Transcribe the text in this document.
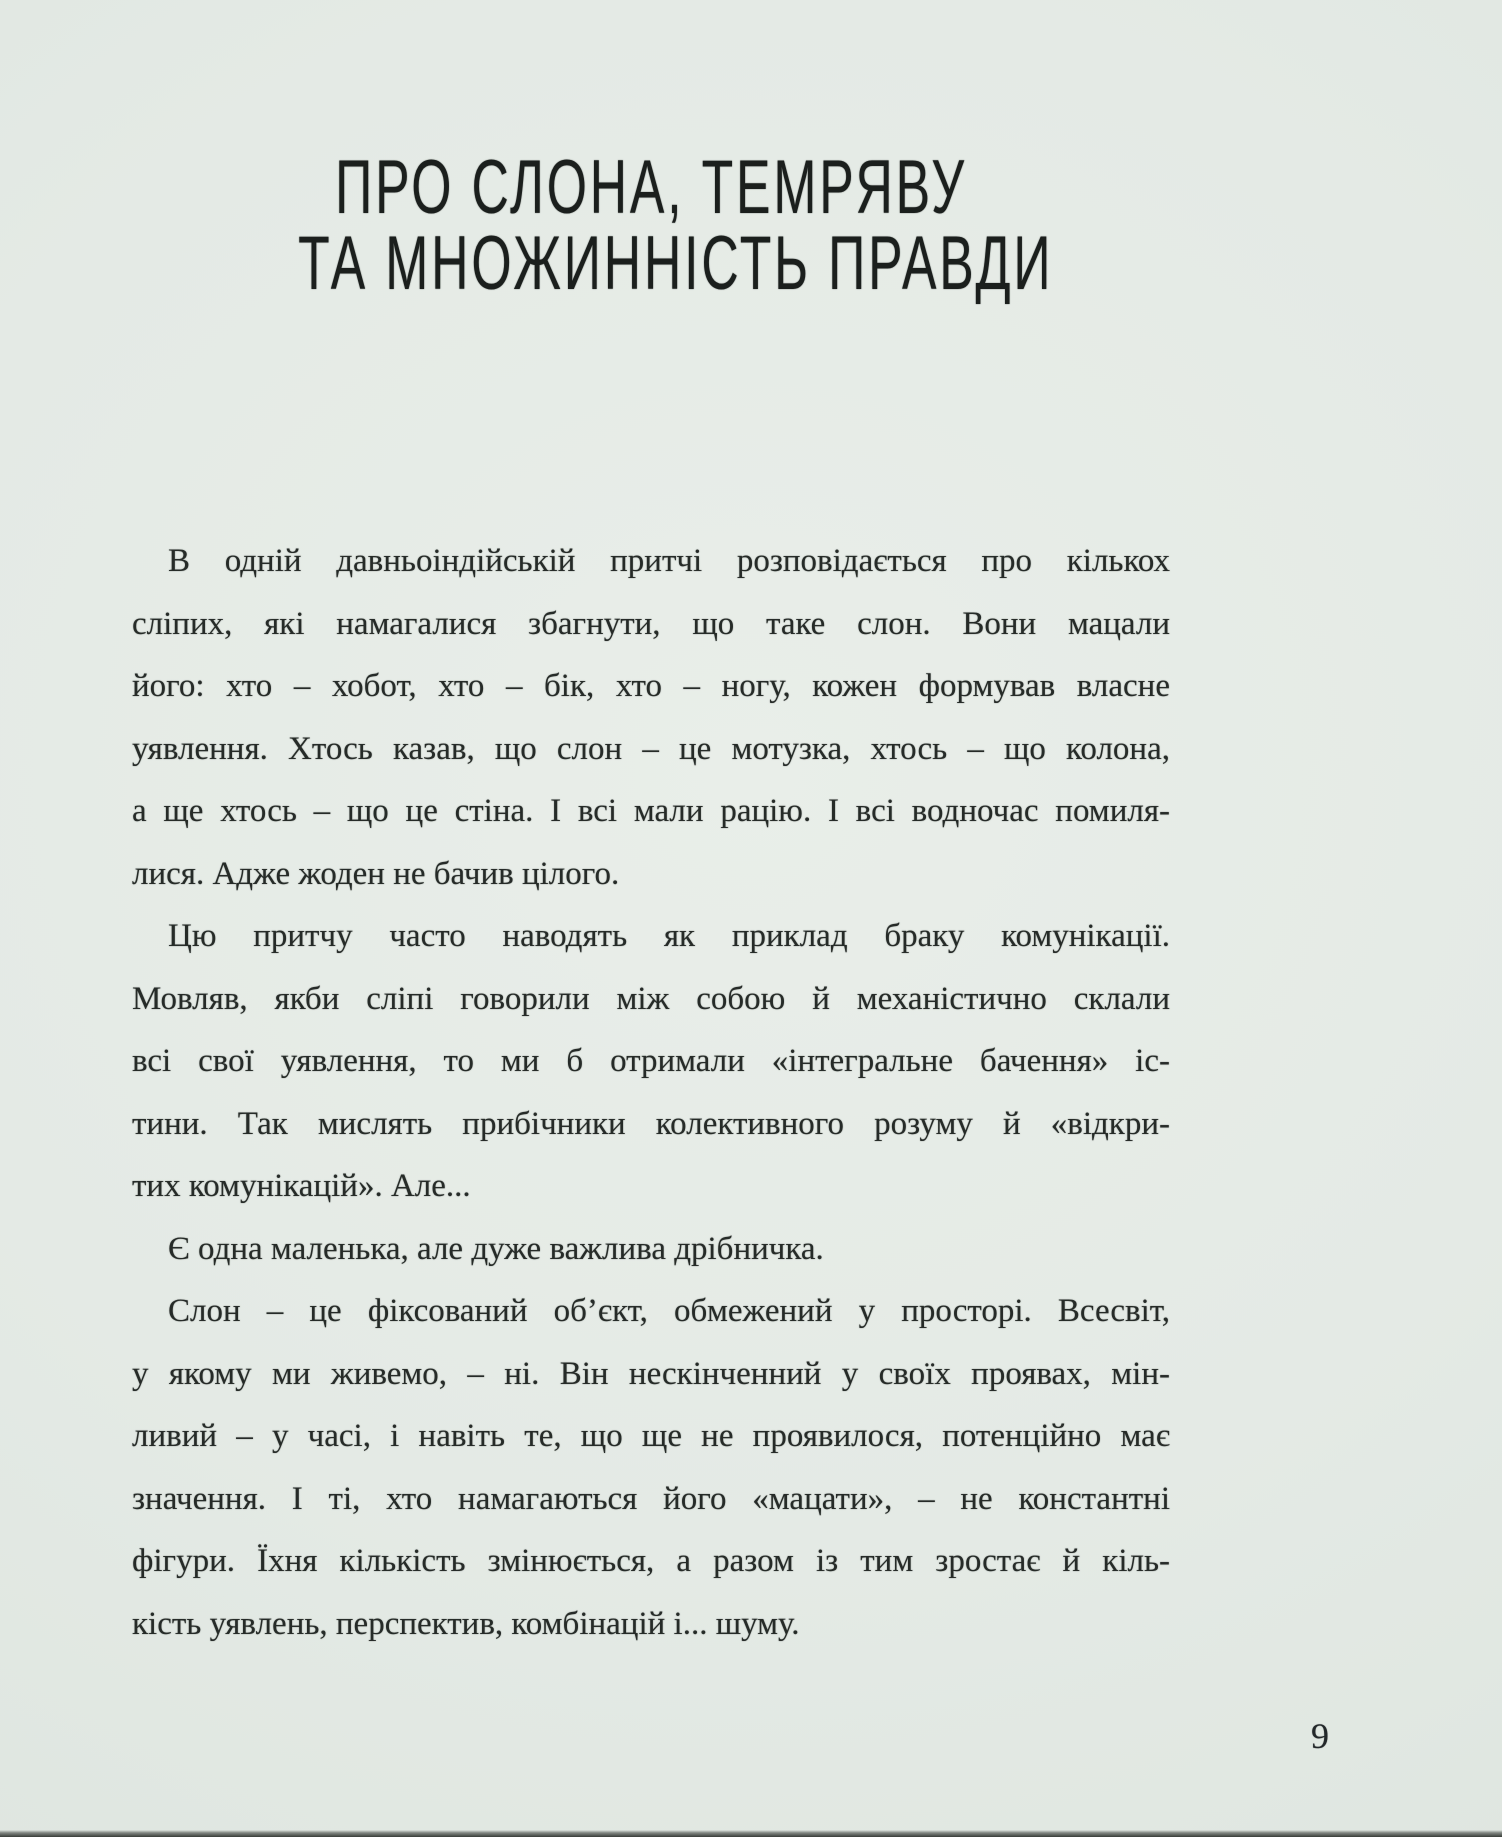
ПРО СЛОНА, ТЕМРЯВУ
ТА МНОЖИННІСТЬ ПРАВДИ
В одній давньоіндійській притчі розповідається про кількох
сліпих, які намагалися збагнути, що таке слон. Вони мацали
його: хто – хобот, хто – бік, хто – ногу, кожен формував власне
уявлення. Хтось казав, що слон – це мотузка, хтось – що колона,
а ще хтось – що це стіна. І всі мали рацію. І всі водночас помиля-
лися. Адже жоден не бачив цілого.
Цю притчу часто наводять як приклад браку комунікації.
Мовляв, якби сліпі говорили між собою й механістично склали
всі свої уявлення, то ми б отримали «інтегральне бачення» іс-
тини. Так мислять прибічники колективного розуму й «відкри-
тих комунікацій». Але...
Є одна маленька, але дуже важлива дрібничка.
Слон – це фіксований об’єкт, обмежений у просторі. Всесвіт,
у якому ми живемо, – ні. Він нескінченний у своїх проявах, мін-
ливий – у часі, і навіть те, що ще не проявилося, потенційно має
значення. І ті, хто намагаються його «мацати», – не константні
фігури. Їхня кількість змінюється, а разом із тим зростає й кіль-
кість уявлень, перспектив, комбінацій і... шуму.
9
